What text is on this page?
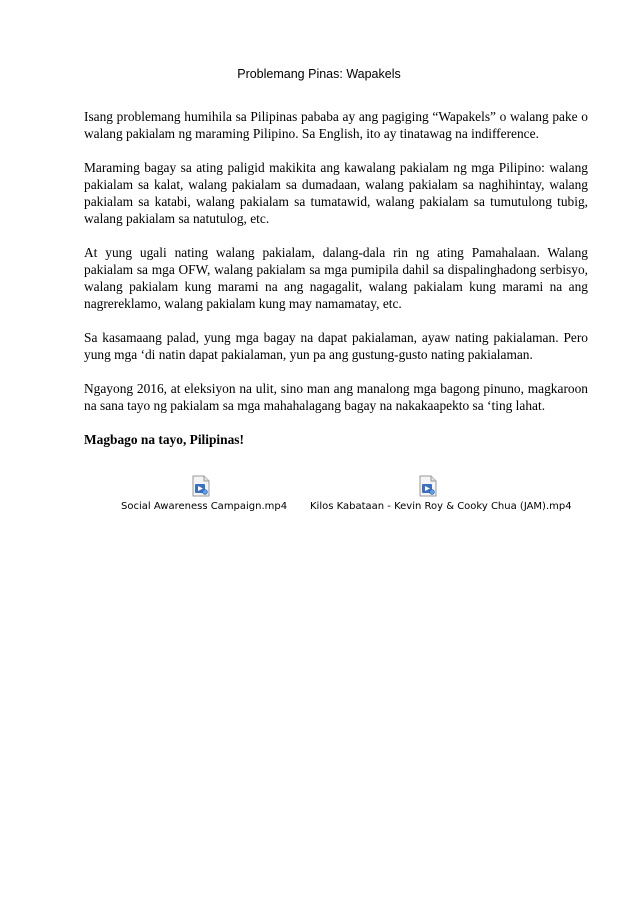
Problemang Pinas: Wapakels

Isang problemang humihila sa Pilipinas pababa ay ang pagiging “Wapakels” o walang pake o walang pakialam ng maraming Pilipino. Sa English, ito ay tinatawag na indifference.

Maraming bagay sa ating paligid makikita ang kawalang pakialam ng mga Pilipino: walang pakialam sa kalat, walang pakialam sa dumadaan, walang pakialam sa naghihintay, walang pakialam sa katabi, walang pakialam sa tumatawid, walang pakialam sa tumutulong tubig, walang pakialam sa natutulog, etc.

At yung ugali nating walang pakialam, dalang-dala rin ng ating Pamahalaan. Walang pakialam sa mga OFW, walang pakialam sa mga pumipila dahil sa dispalinghadong serbisyo, walang pakialam kung marami na ang nagagalit, walang pakialam kung marami na ang nagrereklamo, walang pakialam kung may namamatay, etc.

Sa kasamaang palad, yung mga bagay na dapat pakialaman, ayaw nating pakialaman. Pero yung mga ‘di natin dapat pakialaman, yun pa ang gustung-gusto nating pakialaman.

Ngayong 2016, at eleksiyon na ulit, sino man ang manalong mga bagong pinuno, magkaroon na sana tayo ng pakialam sa mga mahahalagang bagay na nakakaapekto sa ‘ting lahat.

Magbago na tayo, Pilipinas!

Social Awareness Campaign.mp4 Kilos Kabataan - Kevin Roy & Cooky Chua (JAM).mp4
